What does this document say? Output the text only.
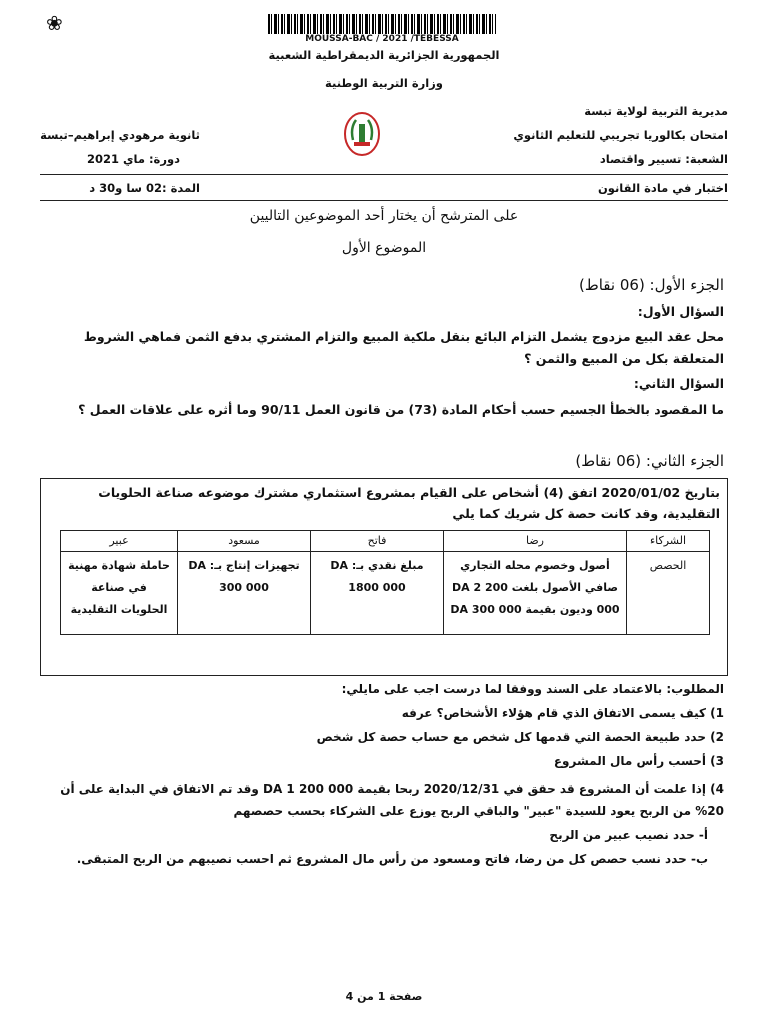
❀
MOUSSA-BAC / 2021 /TEBESSA
الجمهورية الجزائرية الديمقراطية الشعبية
وزارة التربية الوطنية
مديرية التربية لولاية تبسة
امتحان بكالوريا تجريبي للتعليم الثانوي
الشعبة: تسيير واقتصاد
ثانوية مرهودي إبراهيم–تبسة
دورة: ماي 2021
اختبار في مادة القانون
المدة :02 سا و30 د
على المترشح أن يختار أحد الموضوعين التاليين
الموضوع الأول
الجزء الأول: (06 نقاط)
السؤال الأول:
محل عقد البيع مزدوج يشمل التزام البائع بنقل ملكية المبيع والتزام المشتري بدفع الثمن فماهي الشروط المتعلقة بكل من المبيع والثمن ؟
السؤال الثاني:
ما المقصود بالخطأ الجسيم حسب أحكام المادة (73) من قانون العمل 90/11 وما أثره على علاقات العمل ؟
الجزء الثاني: (06 نقاط)
بتاريخ 2020/01/02 اتفق (4) أشخاص على القيام بمشروع استثماري مشترك موضوعه صناعة الحلويات التقليدية، وقد كانت حصة كل شريك كما يلي
الشركاء	رضا	فاتح	مسعود	عبير
الحصص	أصول وخصوم محله التجاري صافي الأصول بلغت DA 2 200 000 وديون بقيمة DA 300 000	مبلغ نقدي بـ: DA 1800 000	تجهيزات إنتاج بـ: DA 300 000	حاملة شهادة مهنية في صناعة الحلويات التقليدية
المطلوب: بالاعتماد على السند ووفقا لما درست اجب على مايلي:
1) كيف يسمى الاتفاق الذي قام هؤلاء الأشخاص؟ عرفه
2) حدد طبيعة الحصة التي قدمها كل شخص مع حساب حصة كل شخص
3) أحسب رأس مال المشروع
4) إذا علمت أن المشروع قد حقق في 2020/12/31 ربحا بقيمة DA 1 200 000 وقد تم الاتفاق في البداية على أن 20% من الربح يعود للسيدة "عبير" والباقي الربح يوزع على الشركاء بحسب حصصهم
أ- حدد نصيب عبير من الربح
ب- حدد نسب حصص كل من رضا، فاتح ومسعود من رأس مال المشروع ثم احسب نصيبهم من الربح المتبقى.
صفحة 1 من 4
